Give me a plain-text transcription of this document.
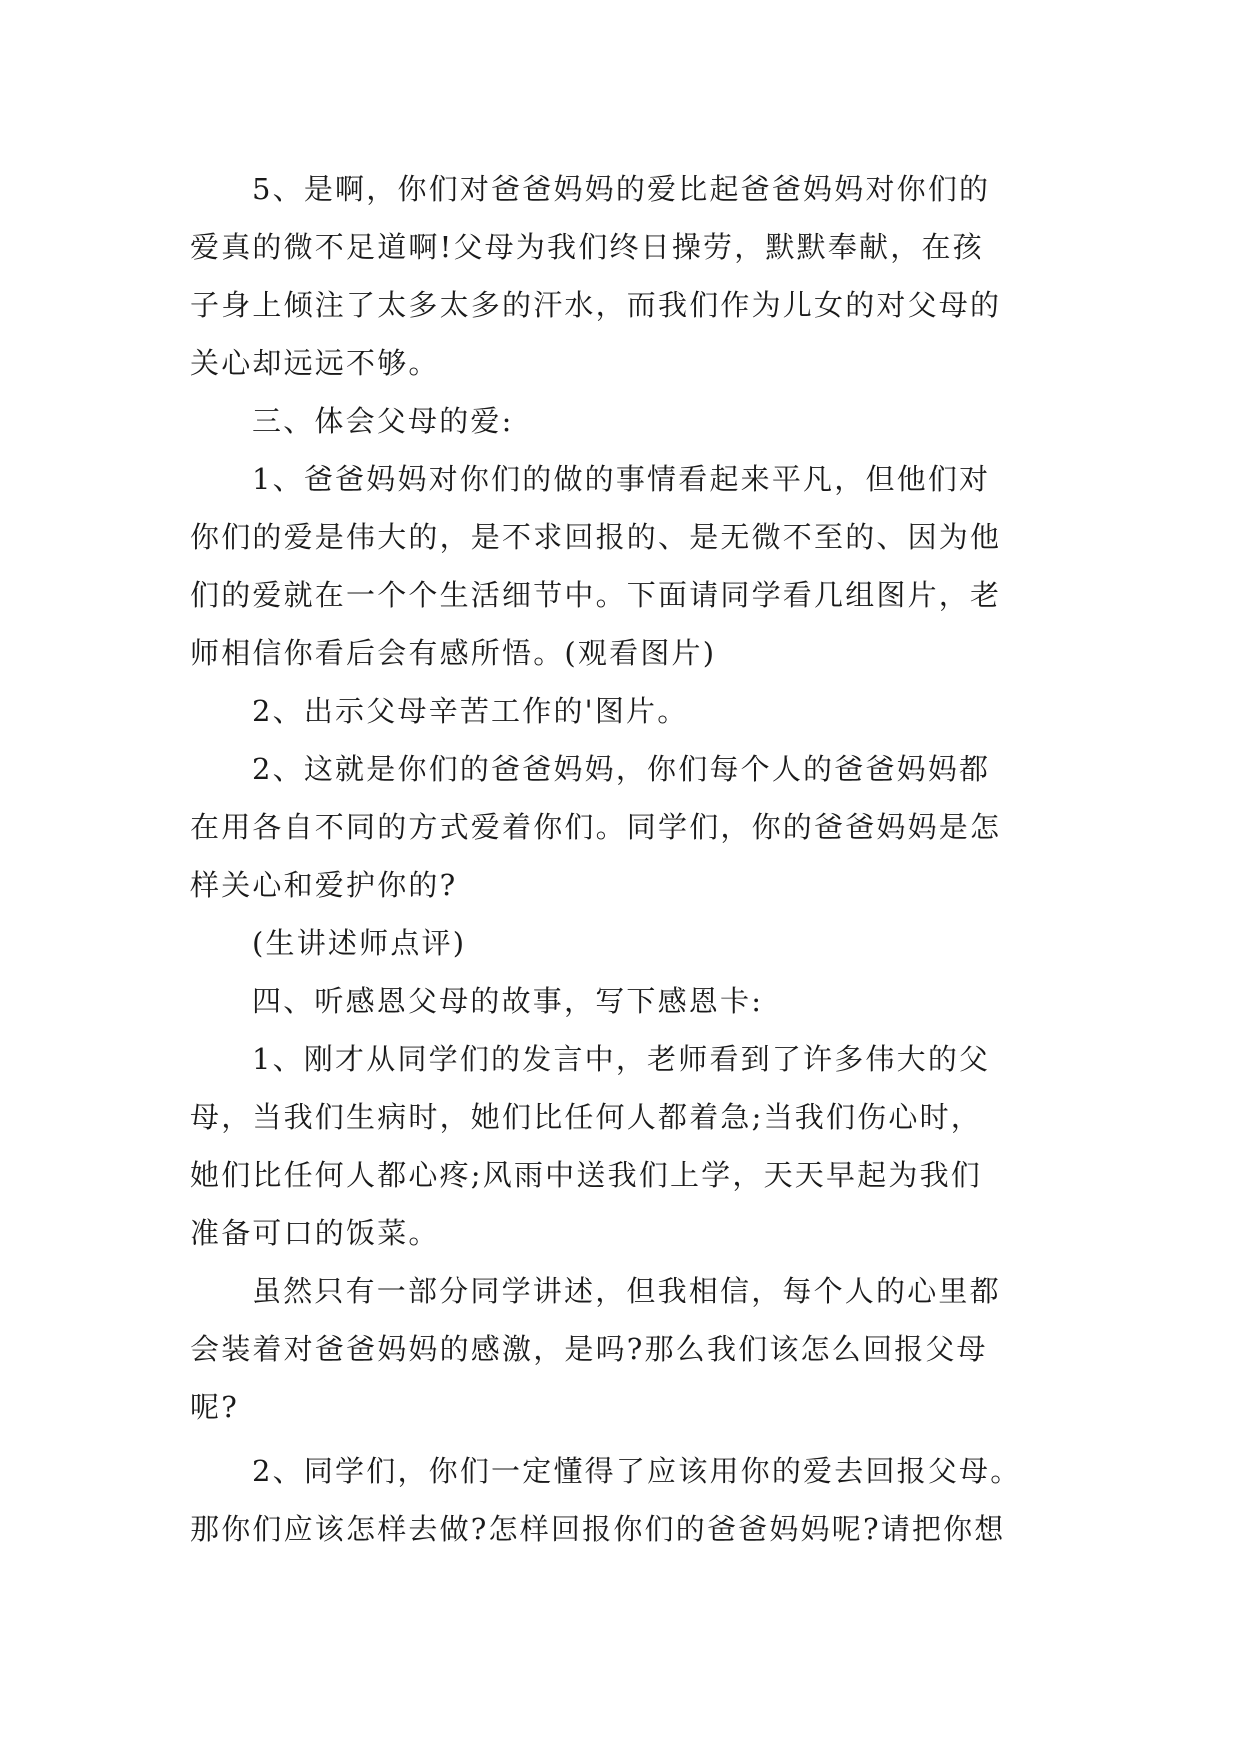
5、是啊，你们对爸爸妈妈的爱比起爸爸妈妈对你们的

爱真的微不足道啊!父母为我们终日操劳，默默奉献，在孩

子身上倾注了太多太多的汗水，而我们作为儿女的对父母的

关心却远远不够。

三、体会父母的爱:

1、爸爸妈妈对你们的做的事情看起来平凡，但他们对

你们的爱是伟大的，是不求回报的、是无微不至的、因为他

们的爱就在一个个生活细节中。下面请同学看几组图片，老

师相信你看后会有感所悟。(观看图片)

2、出示父母辛苦工作的'图片。

2、这就是你们的爸爸妈妈，你们每个人的爸爸妈妈都

在用各自不同的方式爱着你们。同学们，你的爸爸妈妈是怎

样关心和爱护你的?

(生讲述师点评)

四、听感恩父母的故事，写下感恩卡:

1、刚才从同学们的发言中，老师看到了许多伟大的父

母，当我们生病时，她们比任何人都着急;当我们伤心时，

她们比任何人都心疼;风雨中送我们上学，天天早起为我们

准备可口的饭菜。

虽然只有一部分同学讲述，但我相信，每个人的心里都

会装着对爸爸妈妈的感激，是吗?那么我们该怎么回报父母

呢?

2、同学们，你们一定懂得了应该用你的爱去回报父母。

那你们应该怎样去做?怎样回报你们的爸爸妈妈呢?请把你想
